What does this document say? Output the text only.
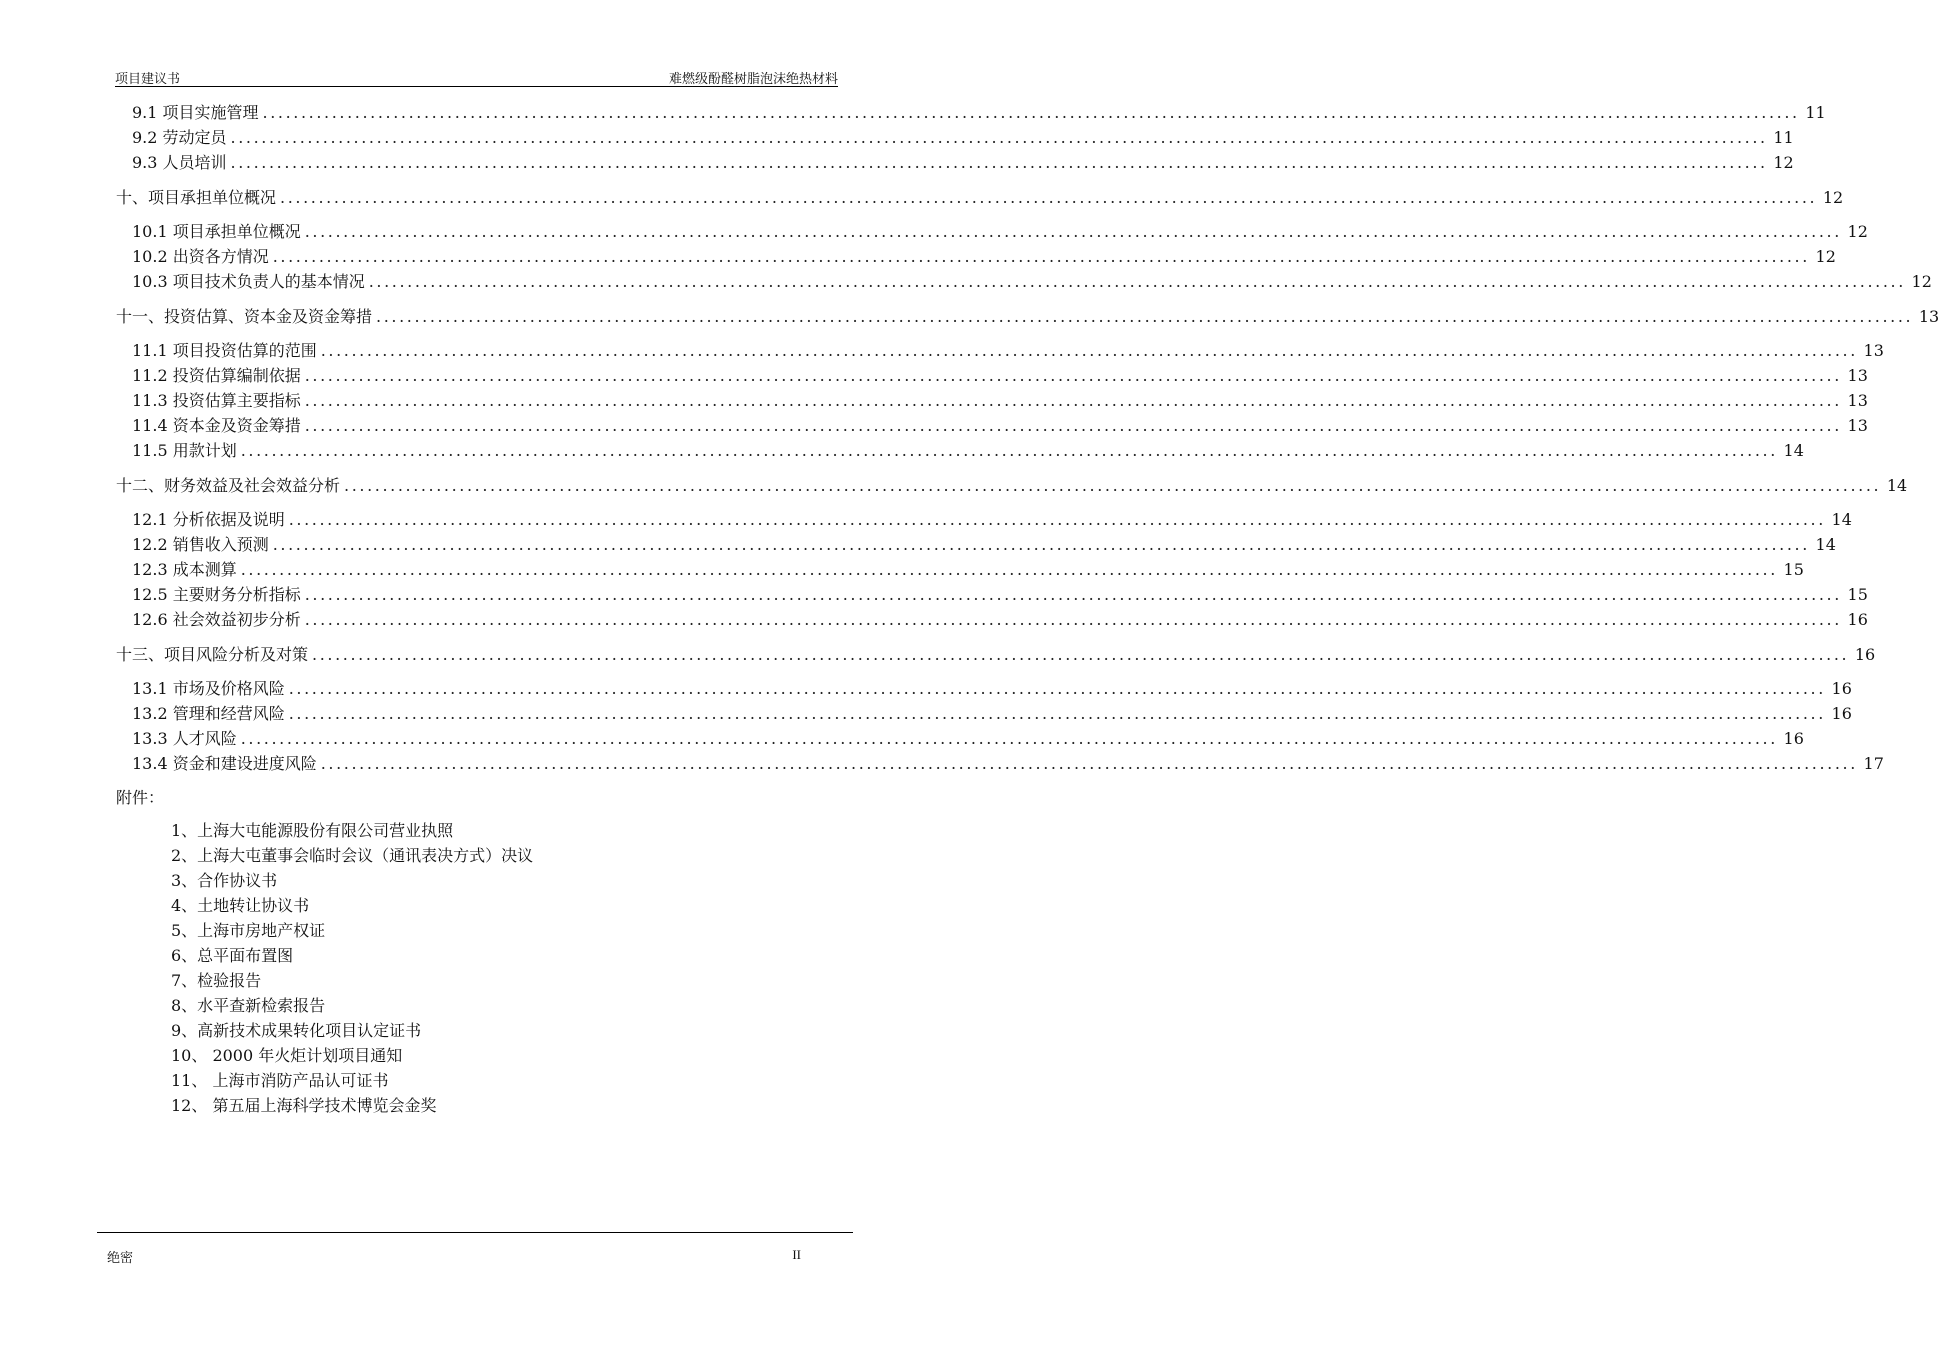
项目建议书	难燃级酚醛树脂泡沫绝热材料
9.1 项目实施管理 ........................................................................................................................................................................................................ 11
9.2 劳动定员 ........................................................................................................................................................................................................ 11
9.3 人员培训 ........................................................................................................................................................................................................ 12
十、项目承担单位概况 ........................................................................................................................................................................................................ 12
10.1 项目承担单位概况 ........................................................................................................................................................................................................ 12
10.2 出资各方情况 ........................................................................................................................................................................................................ 12
10.3 项目技术负责人的基本情况 ........................................................................................................................................................................................................ 12
十一、投资估算、资本金及资金筹措 ........................................................................................................................................................................................................ 13
11.1 项目投资估算的范围 ........................................................................................................................................................................................................ 13
11.2 投资估算编制依据 ........................................................................................................................................................................................................ 13
11.3 投资估算主要指标 ........................................................................................................................................................................................................ 13
11.4 资本金及资金筹措 ........................................................................................................................................................................................................ 13
11.5 用款计划 ........................................................................................................................................................................................................ 14
十二、财务效益及社会效益分析 ........................................................................................................................................................................................................ 14
12.1 分析依据及说明 ........................................................................................................................................................................................................ 14
12.2 销售收入预测 ........................................................................................................................................................................................................ 14
12.3 成本测算 ........................................................................................................................................................................................................ 15
12.5 主要财务分析指标 ........................................................................................................................................................................................................ 15
12.6 社会效益初步分析 ........................................................................................................................................................................................................ 16
十三、项目风险分析及对策 ........................................................................................................................................................................................................ 16
13.1 市场及价格风险 ........................................................................................................................................................................................................ 16
13.2 管理和经营风险 ........................................................................................................................................................................................................ 16
13.3 人才风险 ........................................................................................................................................................................................................ 16
13.4 资金和建设进度风险 ........................................................................................................................................................................................................ 17
附件：
1、上海大屯能源股份有限公司营业执照
2、上海大屯董事会临时会议（通讯表决方式）决议
3、合作协议书
4、土地转让协议书
5、上海市房地产权证
6、总平面布置图
7、检验报告
8、水平查新检索报告
9、高新技术成果转化项目认定证书
10、 2000 年火炬计划项目通知
11、 上海市消防产品认可证书
12、 第五届上海科学技术博览会金奖
绝密	II
